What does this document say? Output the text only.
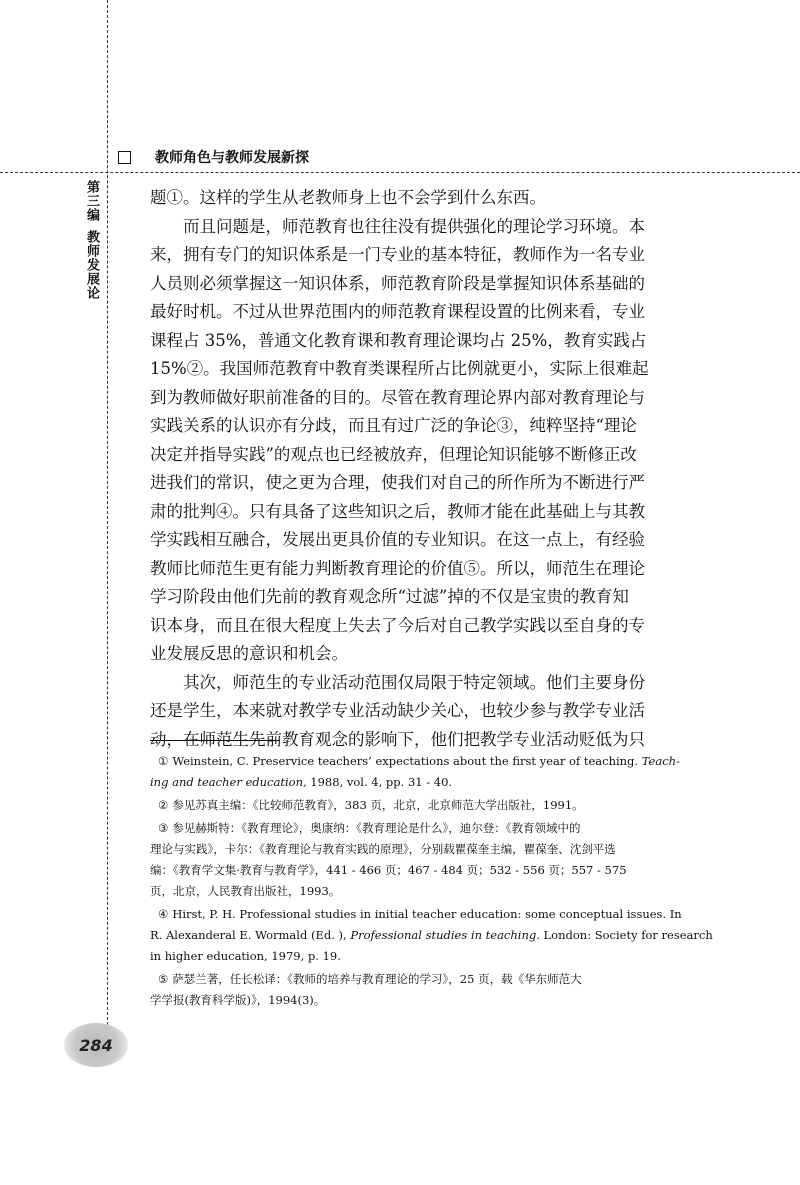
教师角色与教师发展新探
第三编
教师发展论
题①。这样的学生从老教师身上也不会学到什么东西。
而且问题是，师范教育也往往没有提供强化的理论学习环境。本
来，拥有专门的知识体系是一门专业的基本特征，教师作为一名专业
人员则必须掌握这一知识体系，师范教育阶段是掌握知识体系基础的
最好时机。不过从世界范围内的师范教育课程设置的比例来看，专业
课程占 35%，普通文化教育课和教育理论课均占 25%，教育实践占
15%②。我国师范教育中教育类课程所占比例就更小，实际上很难起
到为教师做好职前准备的目的。尽管在教育理论界内部对教育理论与
实践关系的认识亦有分歧，而且有过广泛的争论③，纯粹坚持“理论
决定并指导实践”的观点也已经被放弃，但理论知识能够不断修正改
进我们的常识，使之更为合理，使我们对自己的所作所为不断进行严
肃的批判④。只有具备了这些知识之后，教师才能在此基础上与其教
学实践相互融合，发展出更具价值的专业知识。在这一点上，有经验
教师比师范生更有能力判断教育理论的价值⑤。所以，师范生在理论
学习阶段由他们先前的教育观念所“过滤”掉的不仅是宝贵的教育知
识本身，而且在很大程度上失去了今后对自己教学实践以至自身的专
业发展反思的意识和机会。
其次，师范生的专业活动范围仅局限于特定领域。他们主要身份
还是学生，本来就对教学专业活动缺少关心，也较少参与教学专业活
动，在师范生先前教育观念的影响下，他们把教学专业活动贬低为只
① Weinstein, C. Preservice teachers’ expectations about the first year of teaching. Teach-
ing and teacher education, 1988, vol. 4, pp. 31 - 40.
② 参见苏真主编：《比较师范教育》，383 页，北京，北京师范大学出版社，1991。
③ 参见赫斯特：《教育理论》，奥康纳：《教育理论是什么》，迪尔登：《教育领域中的
理论与实践》，卡尔：《教育理论与教育实践的原理》，分别载瞿葆奎主编，瞿葆奎、沈剑平选
编：《教育学文集·教育与教育学》，441 - 466 页；467 - 484 页；532 - 556 页；557 - 575
页，北京，人民教育出版社，1993。
④ Hirst, P. H. Professional studies in initial teacher education: some conceptual issues. In
R. Alexanderal E. Wormald (Ed. ), Professional studies in teaching. London: Society for research
in higher education, 1979, p. 19.
⑤ 萨瑟兰著，任长松译：《教师的培养与教育理论的学习》，25 页，载《华东师范大
学学报(教育科学版)》，1994(3)。
284
